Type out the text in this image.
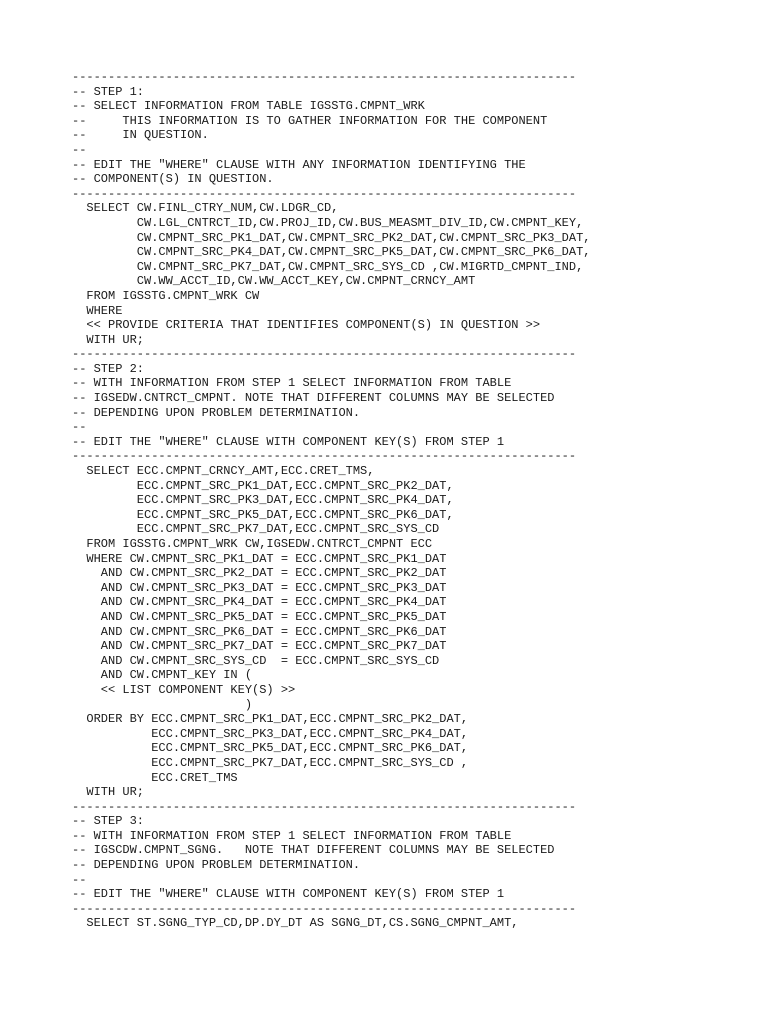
----------------------------------------------------------------------
-- STEP 1:
-- SELECT INFORMATION FROM TABLE IGSSTG.CMPNT_WRK
--     THIS INFORMATION IS TO GATHER INFORMATION FOR THE COMPONENT
--     IN QUESTION.
--
-- EDIT THE "WHERE" CLAUSE WITH ANY INFORMATION IDENTIFYING THE
-- COMPONENT(S) IN QUESTION.
----------------------------------------------------------------------
SELECT CW.FINL_CTRY_NUM,CW.LDGR_CD,
CW.LGL_CNTRCT_ID,CW.PROJ_ID,CW.BUS_MEASMT_DIV_ID,CW.CMPNT_KEY,
CW.CMPNT_SRC_PK1_DAT,CW.CMPNT_SRC_PK2_DAT,CW.CMPNT_SRC_PK3_DAT,
CW.CMPNT_SRC_PK4_DAT,CW.CMPNT_SRC_PK5_DAT,CW.CMPNT_SRC_PK6_DAT,
CW.CMPNT_SRC_PK7_DAT,CW.CMPNT_SRC_SYS_CD ,CW.MIGRTD_CMPNT_IND,
CW.WW_ACCT_ID,CW.WW_ACCT_KEY,CW.CMPNT_CRNCY_AMT
FROM IGSSTG.CMPNT_WRK CW
WHERE
<< PROVIDE CRITERIA THAT IDENTIFIES COMPONENT(S) IN QUESTION >>
WITH UR;
----------------------------------------------------------------------
-- STEP 2:
-- WITH INFORMATION FROM STEP 1 SELECT INFORMATION FROM TABLE
-- IGSEDW.CNTRCT_CMPNT. NOTE THAT DIFFERENT COLUMNS MAY BE SELECTED
-- DEPENDING UPON PROBLEM DETERMINATION.
--
-- EDIT THE "WHERE" CLAUSE WITH COMPONENT KEY(S) FROM STEP 1
----------------------------------------------------------------------
SELECT ECC.CMPNT_CRNCY_AMT,ECC.CRET_TMS,
ECC.CMPNT_SRC_PK1_DAT,ECC.CMPNT_SRC_PK2_DAT,
ECC.CMPNT_SRC_PK3_DAT,ECC.CMPNT_SRC_PK4_DAT,
ECC.CMPNT_SRC_PK5_DAT,ECC.CMPNT_SRC_PK6_DAT,
ECC.CMPNT_SRC_PK7_DAT,ECC.CMPNT_SRC_SYS_CD
FROM IGSSTG.CMPNT_WRK CW,IGSEDW.CNTRCT_CMPNT ECC
WHERE CW.CMPNT_SRC_PK1_DAT = ECC.CMPNT_SRC_PK1_DAT
AND CW.CMPNT_SRC_PK2_DAT = ECC.CMPNT_SRC_PK2_DAT
AND CW.CMPNT_SRC_PK3_DAT = ECC.CMPNT_SRC_PK3_DAT
AND CW.CMPNT_SRC_PK4_DAT = ECC.CMPNT_SRC_PK4_DAT
AND CW.CMPNT_SRC_PK5_DAT = ECC.CMPNT_SRC_PK5_DAT
AND CW.CMPNT_SRC_PK6_DAT = ECC.CMPNT_SRC_PK6_DAT
AND CW.CMPNT_SRC_PK7_DAT = ECC.CMPNT_SRC_PK7_DAT
AND CW.CMPNT_SRC_SYS_CD  = ECC.CMPNT_SRC_SYS_CD
AND CW.CMPNT_KEY IN (
<< LIST COMPONENT KEY(S) >>
)
ORDER BY ECC.CMPNT_SRC_PK1_DAT,ECC.CMPNT_SRC_PK2_DAT,
ECC.CMPNT_SRC_PK3_DAT,ECC.CMPNT_SRC_PK4_DAT,
ECC.CMPNT_SRC_PK5_DAT,ECC.CMPNT_SRC_PK6_DAT,
ECC.CMPNT_SRC_PK7_DAT,ECC.CMPNT_SRC_SYS_CD ,
ECC.CRET_TMS
WITH UR;
----------------------------------------------------------------------
-- STEP 3:
-- WITH INFORMATION FROM STEP 1 SELECT INFORMATION FROM TABLE
-- IGSCDW.CMPNT_SGNG.   NOTE THAT DIFFERENT COLUMNS MAY BE SELECTED
-- DEPENDING UPON PROBLEM DETERMINATION.
--
-- EDIT THE "WHERE" CLAUSE WITH COMPONENT KEY(S) FROM STEP 1
----------------------------------------------------------------------
SELECT ST.SGNG_TYP_CD,DP.DY_DT AS SGNG_DT,CS.SGNG_CMPNT_AMT,
